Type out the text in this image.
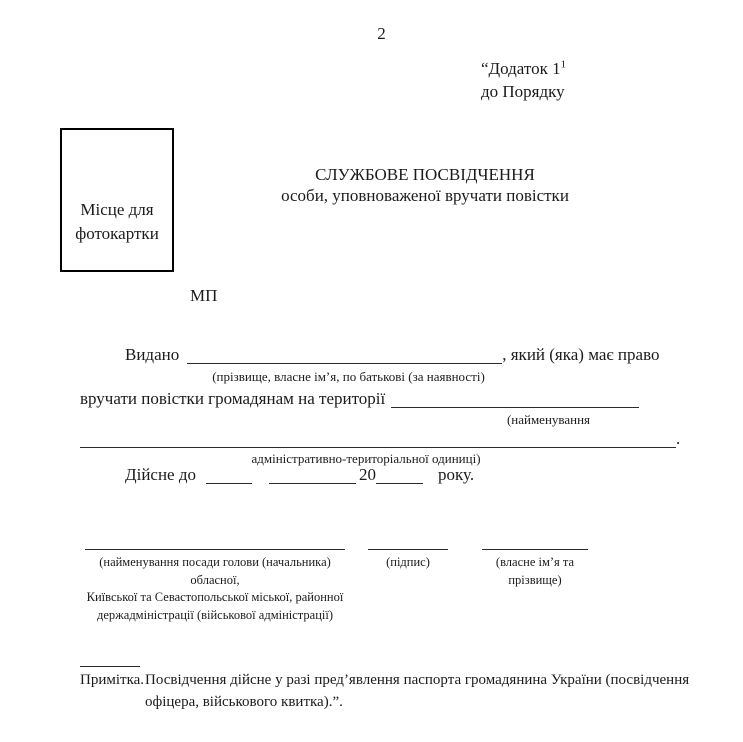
2
“Додаток $1^1$
до Порядку
Місце для фотокартки
СЛУЖБОВЕ ПОСВІДЧЕННЯ
особи, уповноваженої вручати повістки
МП
Видано	, який (яка) має право
(прізвище, власне ім’я, по батькові (за наявності)
вручати повістки громадянам на території
(найменування
.
адміністративно-територіальної одиниці)
Дійсне до	20	року.
(найменування посади голови (начальника) обласної,
Київської та Севастопольської міської, районної
держадміністрації (військової адміністрації)
(підпис)	(власне ім’я та
прізвище)
Примітка. Посвідчення дійсне у разі пред’явлення паспорта громадянина України (посвідчення
офіцера, військового квитка).”.
